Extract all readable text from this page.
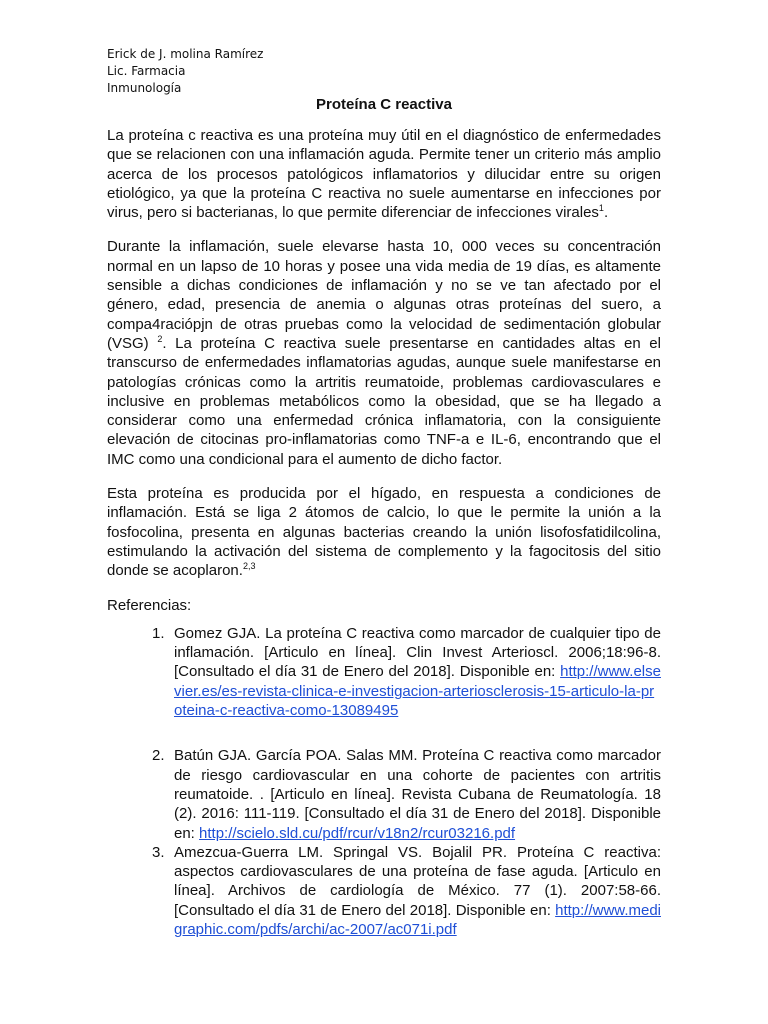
Erick de J. molina Ramírez
Lic. Farmacia
Inmunología
Proteína C reactiva

La proteína c reactiva es una proteína muy útil en el diagnóstico de enfermedades que se relacionen con una inflamación aguda. Permite tener un criterio más amplio acerca de los procesos patológicos inflamatorios y dilucidar entre su origen etiológico, ya que la proteína C reactiva no suele aumentarse en infecciones por virus, pero si bacterianas, lo que permite diferenciar de infecciones virales$^1$.

Durante la inflamación, suele elevarse hasta 10, 000 veces su concentración normal en un lapso de 10 horas y posee una vida media de 19 días, es altamente sensible a dichas condiciones de inflamación y no se ve tan afectado por el género, edad, presencia de anemia o algunas otras proteínas del suero, a compa4raciópjn de otras pruebas como la velocidad de sedimentación globular (VSG) $^2$. La proteína C reactiva suele presentarse en cantidades altas en el transcurso de enfermedades inflamatorias agudas, aunque suele manifestarse en patologías crónicas como la artritis reumatoide, problemas cardiovasculares e inclusive en problemas metabólicos como la obesidad, que se ha llegado a considerar como una enfermedad crónica inflamatoria, con la consiguiente elevación de citocinas pro-inflamatorias como TNF-a e IL-6, encontrando que el IMC como una condicional para el aumento de dicho factor.

Esta proteína es producida por el hígado, en respuesta a condiciones de inflamación. Está se liga 2 átomos de calcio, lo que le permite la unión a la fosfocolina, presenta en algunas bacterias creando la unión lisofosfatidilcolina, estimulando la activación del sistema de complemento y la fagocitosis del sitio donde se acoplaron.$^{2,3}$

Referencias:
1. Gomez GJA. La proteína C reactiva como marcador de cualquier tipo de inflamación. [Articulo en línea]. Clin Invest Arterioscl. 2006;18:96-8. [Consultado el día 31 de Enero del 2018]. Disponible en: http://www.elsevier.es/es-revista-clinica-e-investigacion-arteriosclerosis-15-articulo-la-proteina-c-reactiva-como-13089495
2. Batún GJA. García POA. Salas MM. Proteína C reactiva como marcador de riesgo cardiovascular en una cohorte de pacientes con artritis reumatoide. . [Articulo en línea]. Revista Cubana de Reumatología. 18 (2). 2016: 111-119. [Consultado el día 31 de Enero del 2018]. Disponible en: http://scielo.sld.cu/pdf/rcur/v18n2/rcur03216.pdf
3. Amezcua-Guerra LM. Springal VS. Bojalil PR. Proteína C reactiva: aspectos cardiovasculares de una proteína de fase aguda. [Articulo en línea]. Archivos de cardiología de México. 77 (1). 2007:58-66. [Consultado el día 31 de Enero del 2018]. Disponible en: http://www.medigraphic.com/pdfs/archi/ac-2007/ac071i.pdf
